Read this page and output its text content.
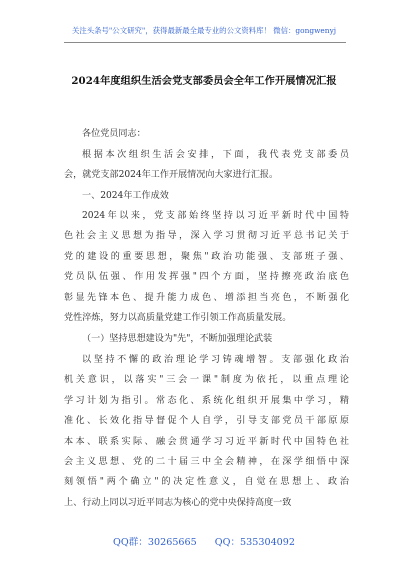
关注头条号"公文研究"，获得最新最全最专业的公文资料库！ 微信：gongwenyj
2024年度组织生活会党支部委员会全年工作开展情况汇报
各位党员同志：
根据本次组织生活会安排，下面，我代表党支部委员
会，就党支部2024年工作开展情况向大家进行汇报。
一、2024年工作成效
2024年以来，党支部始终坚持以习近平新时代中国特
色社会主义思想为指导，深入学习贯彻习近平总书记关于
党的建设的重要思想，聚焦"政治功能强、支部班子强、
党员队伍强、作用发挥强"四个方面，坚持擦亮政治底色
彰显先锋本色、提升能力成色、增添担当亮色，不断强化
党性淬炼，努力以高质量党建工作引领工作高质量发展。
（一）坚持思想建设为"先"，不断加强理论武装
以坚持不懈的政治理论学习铸魂增智。支部强化政治
机关意识，以落实"三会一课"制度为依托，以重点理论
学习计划为指引。常态化、系统化组织开展集中学习，精
准化、长效化指导督促个人自学，引导支部党员干部原原
本本、联系实际、融会贯通学习习近平新时代中国特色社
会主义思想、党的二十届三中全会精神，在深学细悟中深
刻领悟"两个确立"的决定性意义，自觉在思想上、政治
上、行动上同以习近平同志为核心的党中央保持高度一致
QQ群：30265665 QQ：535304092
